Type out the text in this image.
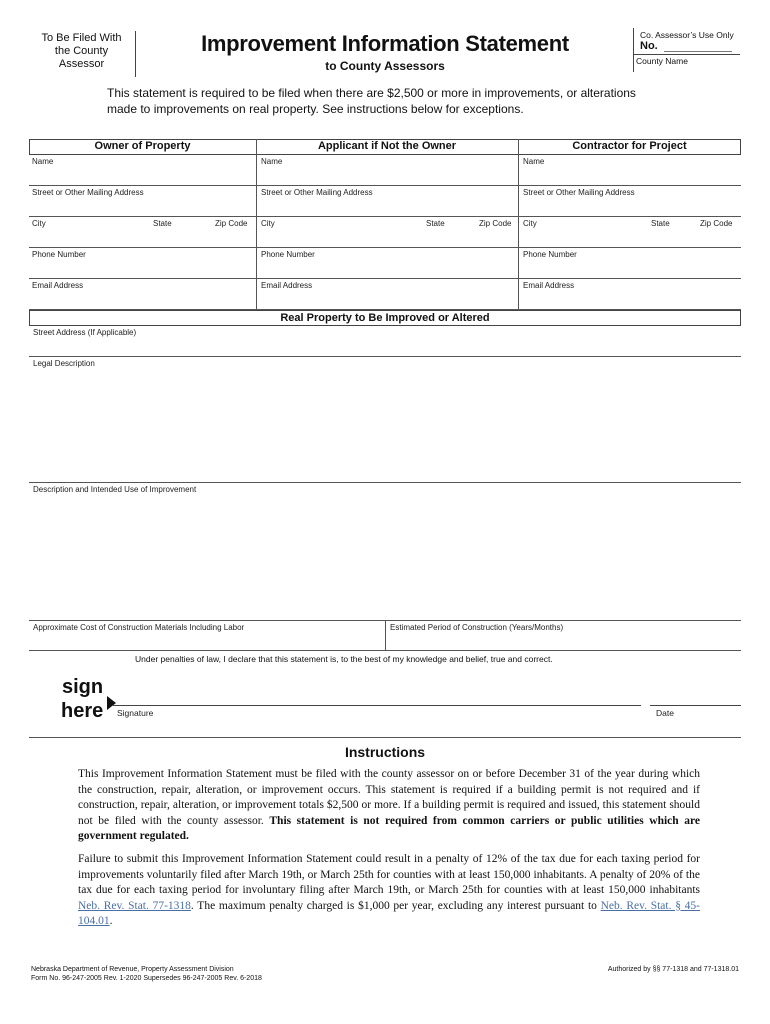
To Be Filed With
the County
Assessor
Improvement Information Statement
to County Assessors
Co. Assessor’s Use Only
No.
County Name
This statement is required to be filed when there are $2,500 or more in improvements, or alterations
made to improvements on real property. See instructions below for exceptions.
Owner of Property	Applicant if Not the Owner	Contractor for Project
Name
Street or Other Mailing Address
City	State	Zip Code
Phone Number
Email Address
Name
Street or Other Mailing Address
City	State	Zip Code
Phone Number
Email Address
Name
Street or Other Mailing Address
City	State	Zip Code
Phone Number
Email Address
Real Property to Be Improved or Altered
Street Address (If Applicable)
Legal Description
Description and Intended Use of Improvement
Approximate Cost of Construction Materials Including Labor	Estimated Period of Construction (Years/Months)
Under penalties of law, I declare that this statement is, to the best of my knowledge and belief, true and correct.
sign
here Signature	Date
Instructions
This Improvement Information Statement must be filed with the county assessor on or before December 31 of the year during which the construction, repair, alteration, or improvement occurs. This statement is required if a building permit is not required and if construction, repair, alteration, or improvement totals $2,500 or more. If a building permit is required and issued, this statement should not be filed with the county assessor. This statement is not required from common carriers or public utilities which are government regulated.
Failure to submit this Improvement Information Statement could result in a penalty of 12% of the tax due for each taxing period for improvements voluntarily filed after March 19th, or March 25th for counties with at least 150,000 inhabitants. A penalty of 20% of the tax due for each taxing period for involuntary filing after March 19th, or March 25th for counties with at least 150,000 inhabitants Neb. Rev. Stat. 77-1318. The maximum penalty charged is $1,000 per year, excluding any interest pursuant to Neb. Rev. Stat. § 45-104.01.
Nebraska Department of Revenue, Property Assessment Division
Form No. 96-247-2005 Rev. 1-2020 Supersedes 96-247-2005 Rev. 6-2018
Authorized by §§ 77-1318 and 77-1318.01
